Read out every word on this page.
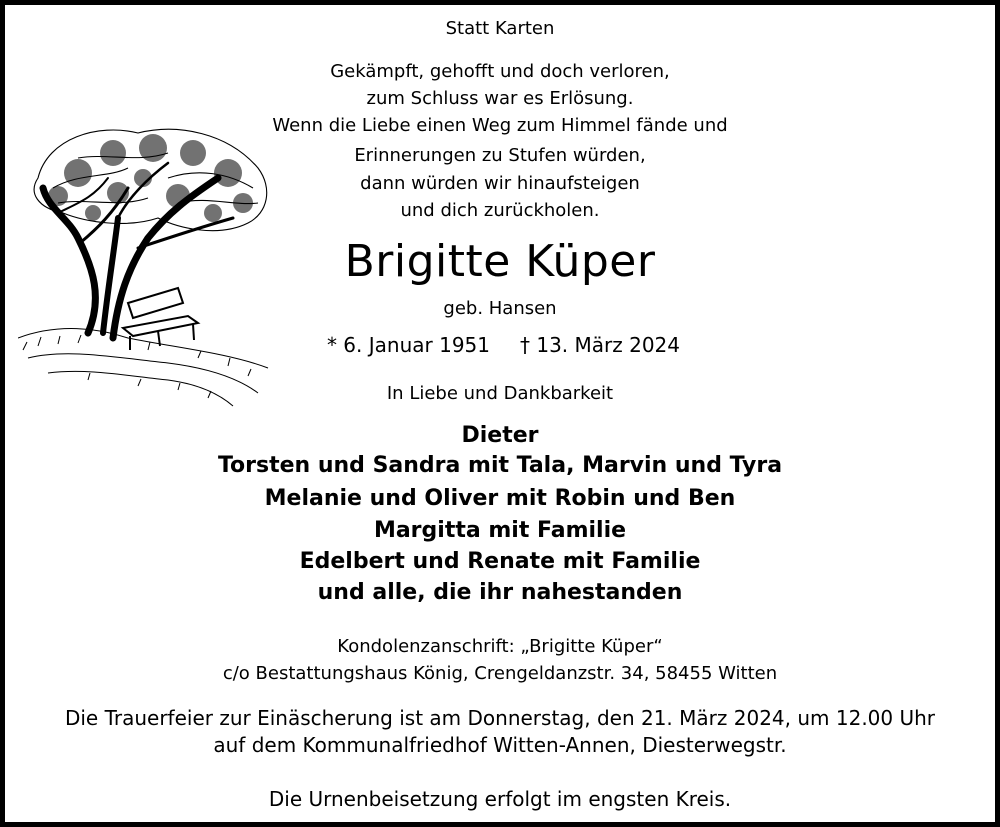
Statt Karten
Gekämpft, gehofft und doch verloren,
zum Schluss war es Erlösung.
Wenn die Liebe einen Weg zum Himmel fände und
Erinnerungen zu Stufen würden,
dann würden wir hinaufsteigen
und dich zurückholen.
Brigitte Küper
geb. Hansen
* 6. Januar 1951 † 13. März 2024
In Liebe und Dankbarkeit
Dieter
Torsten und Sandra mit Tala, Marvin und Tyra
Melanie und Oliver mit Robin und Ben
Margitta mit Familie
Edelbert und Renate mit Familie
und alle, die ihr nahestanden
Kondolenzanschrift: „Brigitte Küper“
c/o Bestattungshaus König, Crengeldanzstr. 34, 58455 Witten
Die Trauerfeier zur Einäscherung ist am Donnerstag, den 21. März 2024, um 12.00 Uhr
auf dem Kommunalfriedhof Witten-Annen, Diesterwegstr.
Die Urnenbeisetzung erfolgt im engsten Kreis.
